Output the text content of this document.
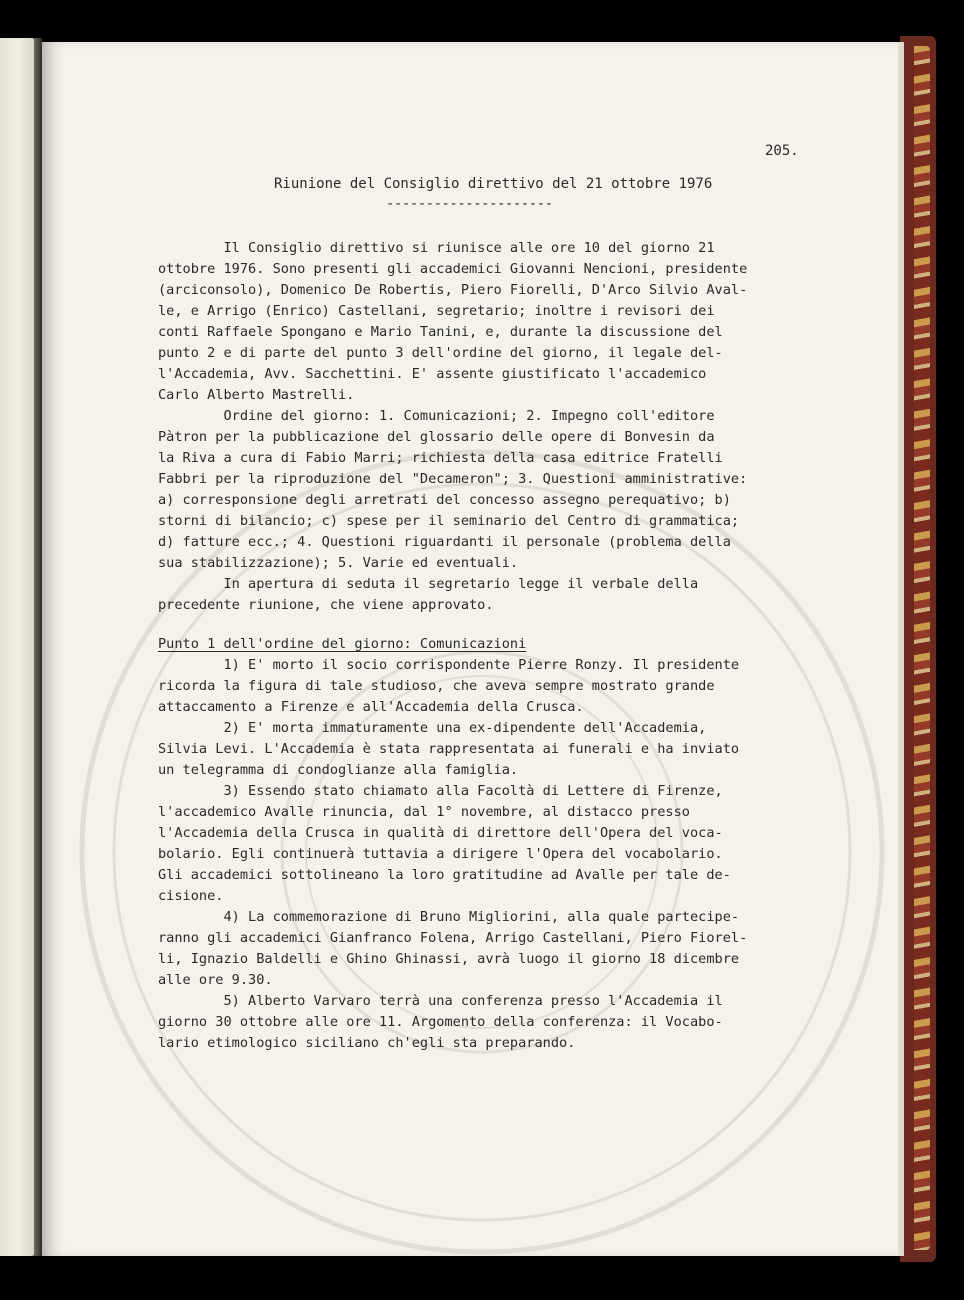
205.
Riunione del Consiglio direttivo del 21 ottobre 1976
---------------------

Il Consiglio direttivo si riunisce alle ore 10 del giorno 21

ottobre 1976. Sono presenti gli accademici Giovanni Nencioni, presidente

(arciconsolo), Domenico De Robertis, Piero Fiorelli, D'Arco Silvio Aval-

le, e Arrigo (Enrico) Castellani, segretario; inoltre i revisori dei

conti Raffaele Spongano e Mario Tanini, e, durante la discussione del

punto 2 e di parte del punto 3 dell'ordine del giorno, il legale del-

l'Accademia, Avv. Sacchettini. E' assente giustificato l'accademico

Carlo Alberto Mastrelli.

Ordine del giorno: 1. Comunicazioni; 2. Impegno coll'editore

Pàtron per la pubblicazione del glossario delle opere di Bonvesin da

la Riva a cura di Fabio Marri; richiesta della casa editrice Fratelli

Fabbri per la riproduzione del "Decameron"; 3. Questioni amministrative:

a) corresponsione degli arretrati del concesso assegno perequativo; b)

storni di bilancio; c) spese per il seminario del Centro di grammatica;

d) fatture ecc.; 4. Questioni riguardanti il personale (problema della

sua stabilizzazione); 5. Varie ed eventuali.

In apertura di seduta il segretario legge il verbale della

precedente riunione, che viene approvato.

Punto 1 dell'ordine del giorno: Comunicazioni

1) E' morto il socio corrispondente Pierre Ronzy. Il presidente

ricorda la figura di tale studioso, che aveva sempre mostrato grande

attaccamento a Firenze e all'Accademia della Crusca.

2) E' morta immaturamente una ex-dipendente dell'Accademia,

Silvia Levi. L'Accademia è stata rappresentata ai funerali e ha inviato

un telegramma di condoglianze alla famiglia.

3) Essendo stato chiamato alla Facoltà di Lettere di Firenze,

l'accademico Avalle rinuncia, dal 1° novembre, al distacco presso

l'Accademia della Crusca in qualità di direttore dell'Opera del voca-

bolario. Egli continuerà tuttavia a dirigere l'Opera del vocabolario.

Gli accademici sottolineano la loro gratitudine ad Avalle per tale de-

cisione.

4) La commemorazione di Bruno Migliorini, alla quale partecipe-

ranno gli accademici Gianfranco Folena, Arrigo Castellani, Piero Fiorel-

li, Ignazio Baldelli e Ghino Ghinassi, avrà luogo il giorno 18 dicembre

alle ore 9.30.

5) Alberto Varvaro terrà una conferenza presso l'Accademia il

giorno 30 ottobre alle ore 11. Argomento della conferenza: il Vocabo-

lario etimologico siciliano ch'egli sta preparando.
